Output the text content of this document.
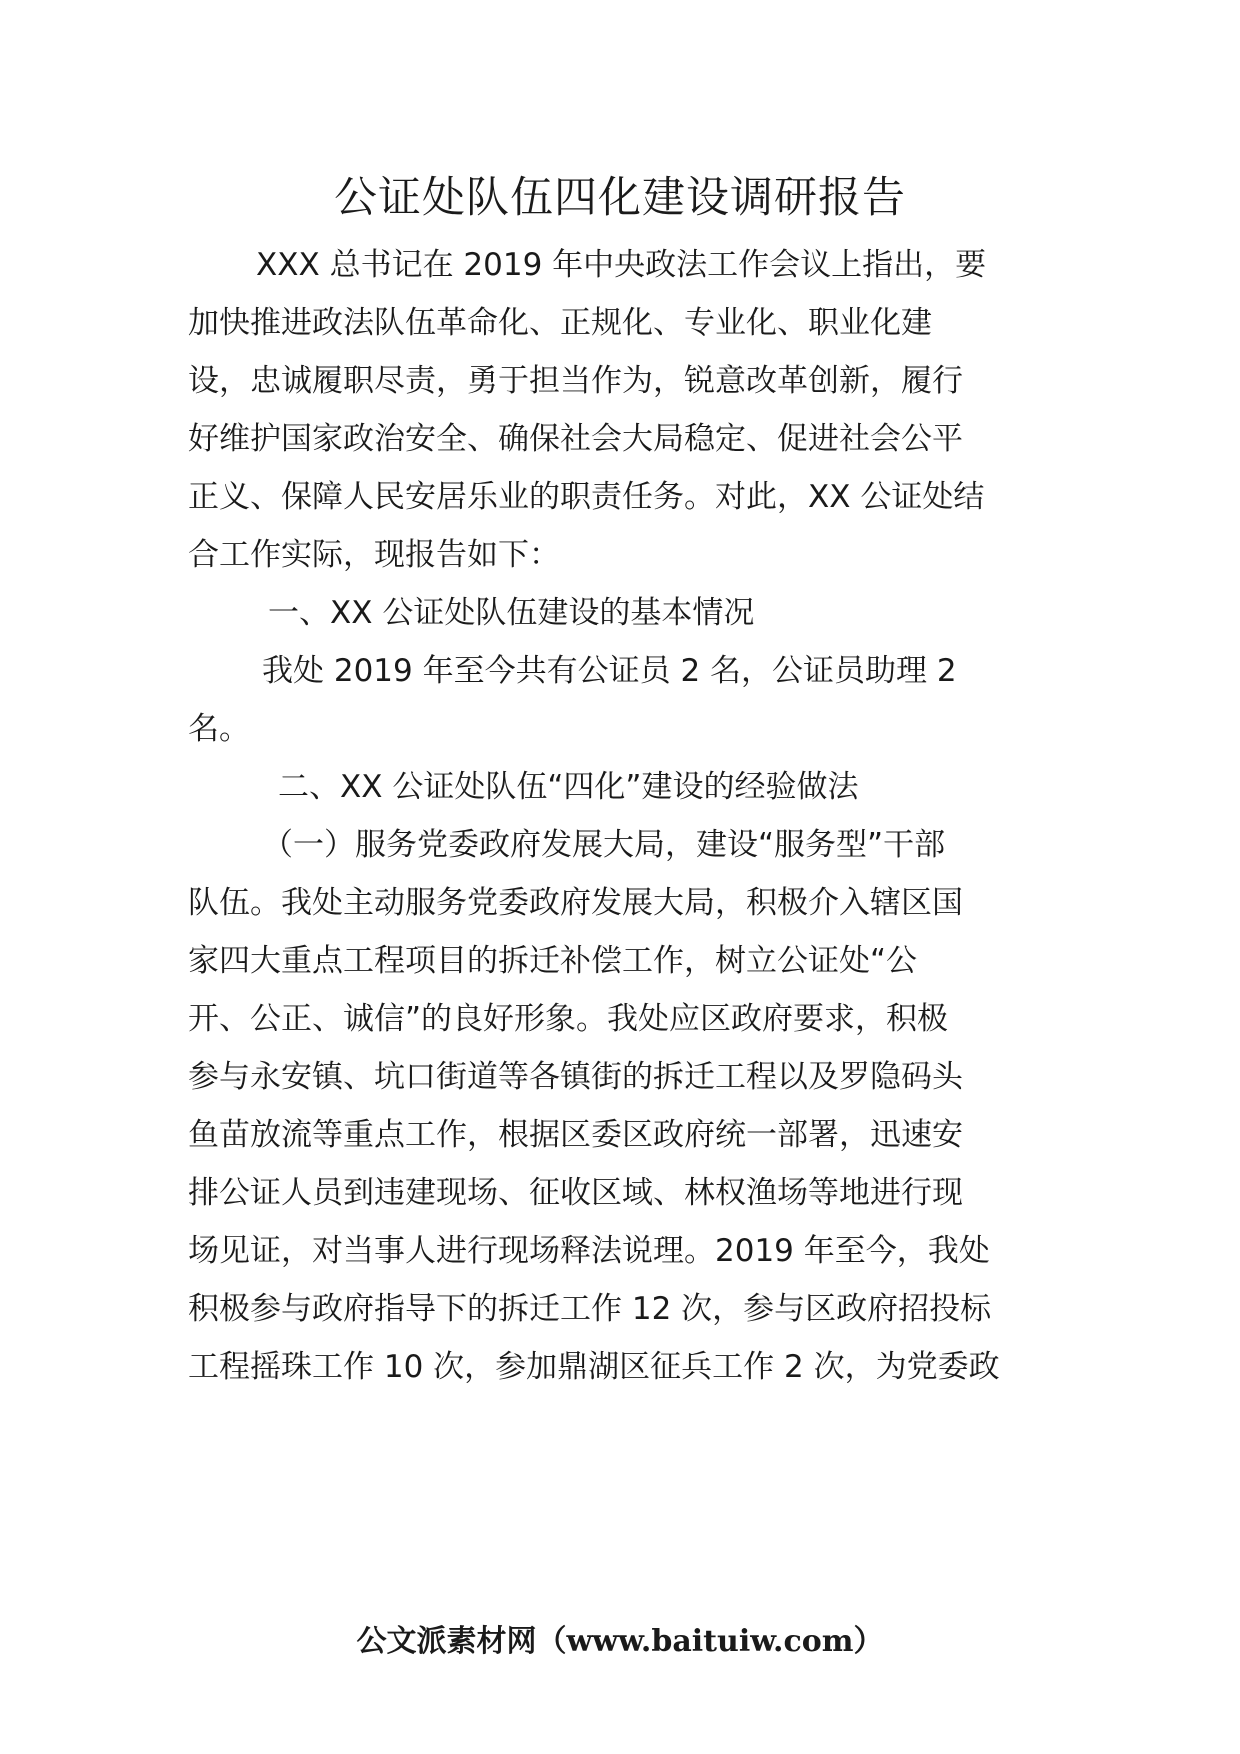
公证处队伍四化建设调研报告
XXX 总书记在 2019 年中央政法工作会议上指出，要
加快推进政法队伍革命化、正规化、专业化、职业化建
设，忠诚履职尽责，勇于担当作为，锐意改革创新，履行
好维护国家政治安全、确保社会大局稳定、促进社会公平
正义、保障人民安居乐业的职责任务。对此，XX 公证处结
合工作实际，现报告如下：
一、XX 公证处队伍建设的基本情况
我处 2019 年至今共有公证员 2 名，公证员助理 2
名。
二、XX 公证处队伍“四化”建设的经验做法
（一）服务党委政府发展大局，建设“服务型”干部
队伍。我处主动服务党委政府发展大局，积极介入辖区国
家四大重点工程项目的拆迁补偿工作，树立公证处“公
开、公正、诚信”的良好形象。我处应区政府要求，积极
参与永安镇、坑口街道等各镇街的拆迁工程以及罗隐码头
鱼苗放流等重点工作，根据区委区政府统一部署，迅速安
排公证人员到违建现场、征收区域、林权渔场等地进行现
场见证，对当事人进行现场释法说理。2019 年至今，我处
积极参与政府指导下的拆迁工作 12 次，参与区政府招投标
工程摇珠工作 10 次，参加鼎湖区征兵工作 2 次，为党委政
公文派素材网（www.baituiw.com）
